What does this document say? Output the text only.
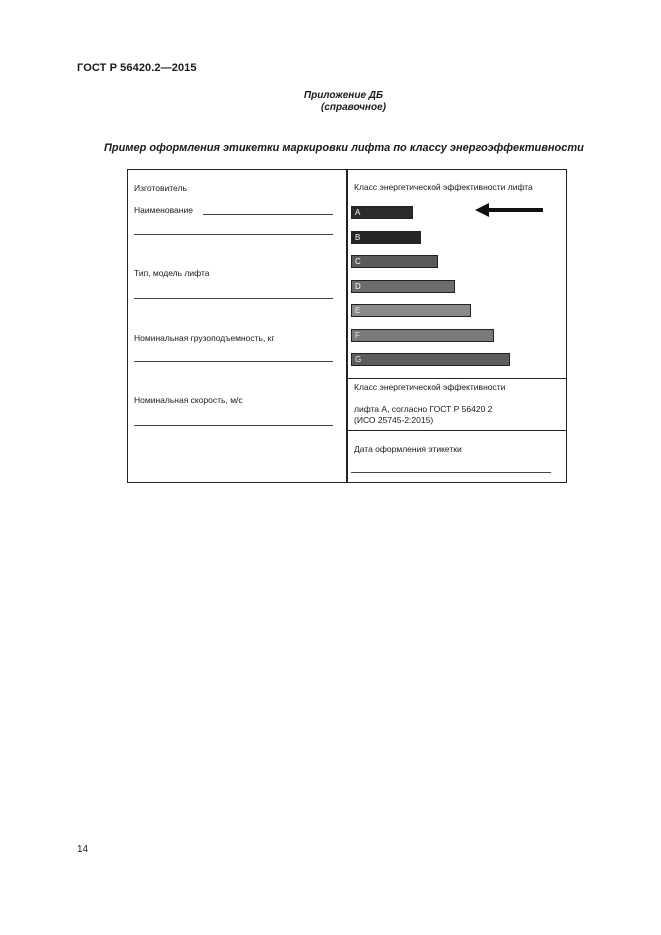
ГОСТ Р 56420.2—2015
Приложение ДБ
(справочное)
Пример оформления этикетки маркировки лифта по классу энергоэффективности
Изготовитель
Наименование
Тип, модель лифта
Номинальная грузоподъемность, кг
Номинальная скорость, м/с
Класс энергетической эффективности лифта
A
B
C
D
E
F
G
Класс энергетической эффективности
лифта А, согласно ГОСТ Р 56420 2
(ИСО 25745-2:2015)
Дата оформления этикетки
14
